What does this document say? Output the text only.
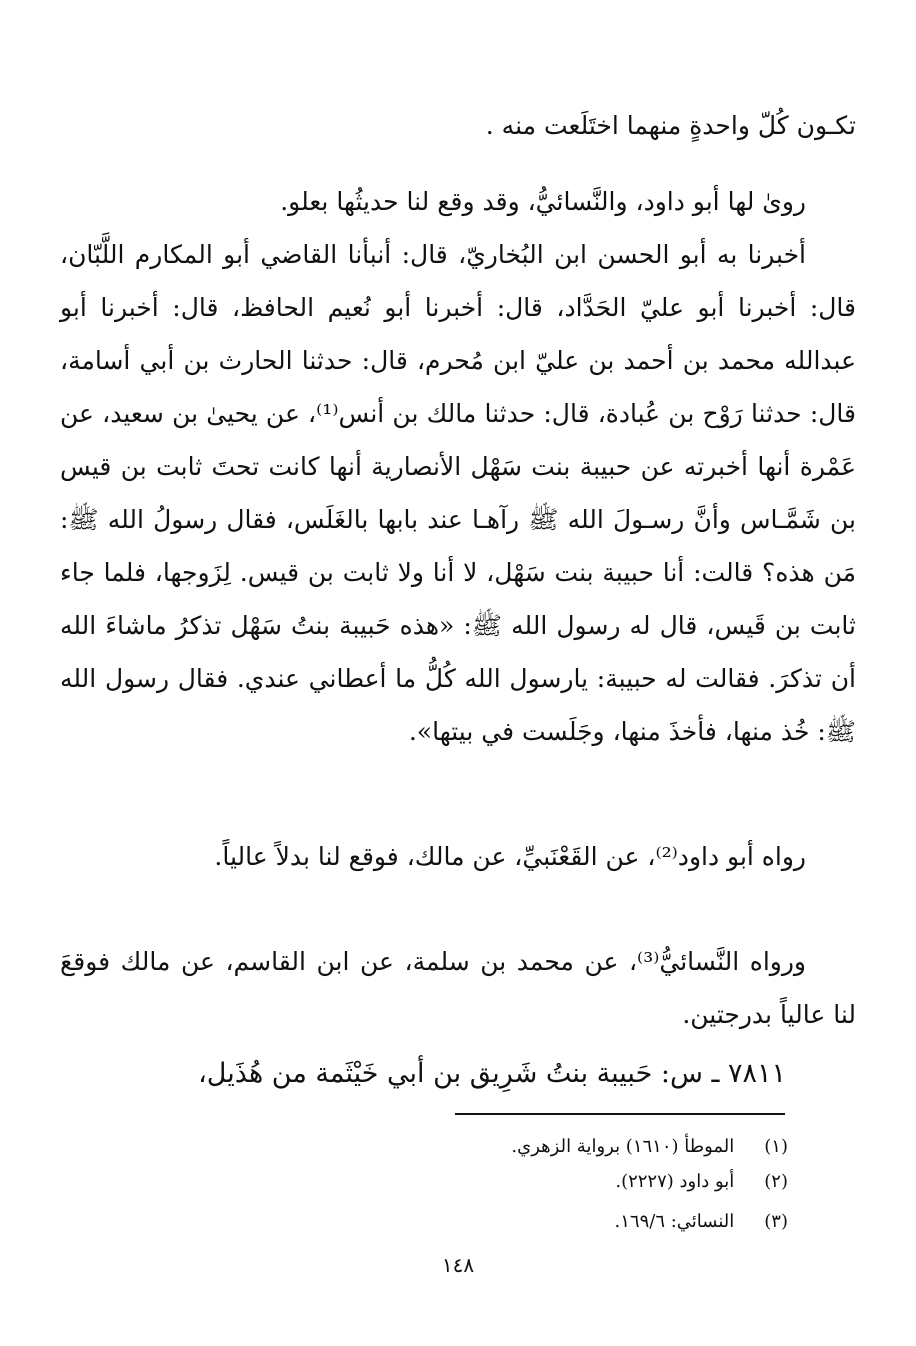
تكـون كُلّ واحدةٍ منهما اختَلَعت منه .

روىٰ لها أبو داود، والنَّسائيُّ، وقد وقع لنا حديثُها بعلو.

أخبرنا به أبو الحسن ابن البُخاريّ، قال: أنبأنا القاضي أبو المكارم اللَّبّان، قال: أخبرنا أبو عليّ الحَدَّاد، قال: أخبرنا أبو نُعيم الحافظ، قال: أخبرنا أبو عبدالله محمد بن أحمد بن عليّ ابن مُحرم، قال: حدثنا الحارث بن أبي أسامة، قال: حدثنا رَوْح بن عُبادة، قال: حدثنا مالك بن أنس⁽¹⁾، عن يحيىٰ بن سعيد، عن عَمْرة أنها أخبرته عن حبيبة بنت سَهْل الأنصارية أنها كانت تحتَ ثابت بن قيس بن شَمَّـاس وأنَّ رسـولَ الله ﷺ رآهـا عند بابها بالغَلَس، فقال رسولُ الله ﷺ: مَن هذه؟ قالت: أنا حبيبة بنت سَهْل، لا أنا ولا ثابت بن قيس. لِزَوجها، فلما جاء ثابت بن قَيس، قال له رسول الله ﷺ: «هذه حَبيبة بنتُ سَهْل تذكرُ ماشاءَ الله أن تذكرَ. فقالت له حبيبة: يارسول الله كُلُّ ما أعطاني عندي. فقال رسول الله ﷺ: خُذ منها، فأخذَ منها، وجَلَست في بيتها».

رواه أبو داود⁽²⁾، عن القَعْنَبيِّ، عن مالك، فوقع لنا بدلاً عالياً.

ورواه النَّسائيُّ⁽³⁾، عن محمد بن سلمة، عن ابن القاسم، عن مالك فوقعَ لنا عالياً بدرجتين.

٧٨١١ ـ س: حَبيبة بنتُ شَرِيق بن أبي خَيْثَمة من هُذَيل،

(١) الموطأ (١٦١٠) برواية الزهري.
(٢) أبو داود (٢٢٢٧).
(٣) النسائي: ١٦٩/٦.
١٤٨
